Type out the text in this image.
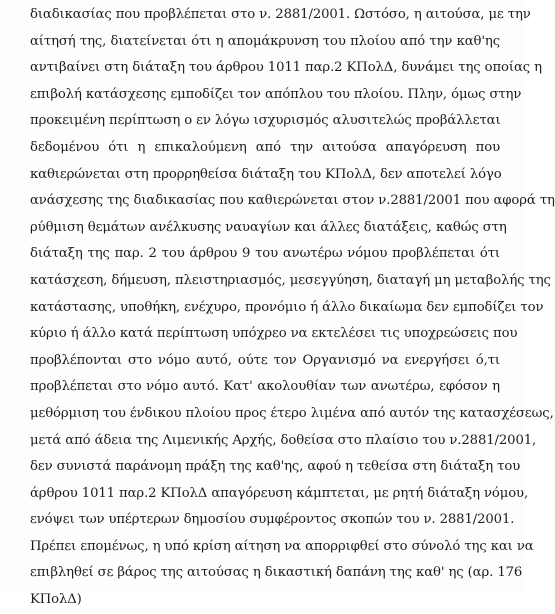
διαδικασίας που προβλέπεται στο ν. 2881/2001. Ωστόσο, η αιτούσα, με την
αίτησή της, διατείνεται ότι η απομάκρυνση του πλοίου από την καθ'ης
αντιβαίνει στη διάταξη του άρθρου 1011 παρ.2 ΚΠολΔ, δυνάμει της οποίας η
επιβολή κατάσχεσης εμποδίζει τον απόπλου του πλοίου. Πλην, όμως στην
προκειμένη περίπτωση ο εν λόγω ισχυρισμός αλυσιτελώς προβάλλεται
δεδομένου ότι η επικαλούμενη από την αιτούσα απαγόρευση που
καθιερώνεται στη προρρηθείσα διάταξη του ΚΠολΔ, δεν αποτελεί λόγο
ανάσχεσης της διαδικασίας που καθιερώνεται στον ν.2881/2001 που αφορά τη
ρύθμιση θεμάτων ανέλκυσης ναυαγίων και άλλες διατάξεις, καθώς στη
διάταξη της παρ. 2 του άρθρου 9 του ανωτέρω νόμου προβλέπεται ότι
κατάσχεση, δήμευση, πλειστηριασμός, μεσεγγύηση, διαταγή μη μεταβολής της
κατάστασης, υποθήκη, ενέχυρο, προνόμιο ή άλλο δικαίωμα δεν εμποδίζει τον
κύριο ή άλλο κατά περίπτωση υπόχρεο να εκτελέσει τις υποχρεώσεις που
προβλέπονται στο νόμο αυτό, ούτε τον Οργανισμό να ενεργήσει ό,τι
προβλέπεται στο νόμο αυτό. Κατ' ακολουθίαν των ανωτέρω, εφόσον η
μεθόρμιση του ένδικου πλοίου προς έτερο λιμένα από αυτόν της κατασχέσεως,
μετά από άδεια της Λιμενικής Αρχής, δοθείσα στο πλαίσιο του ν.2881/2001,
δεν συνιστά παράνομη πράξη της καθ'ης, αφού η τεθείσα στη διάταξη του
άρθρου 1011 παρ.2 ΚΠολΔ απαγόρευση κάμπτεται, με ρητή διάταξη νόμου,
ενόψει των υπέρτερων δημοσίου συμφέροντος σκοπών του ν. 2881/2001.
Πρέπει επομένως, η υπό κρίση αίτηση να απορριφθεί στο σύνολό της και να
επιβληθεί σε βάρος της αιτούσας η δικαστική δαπάνη της καθ' ης (αρ. 176
ΚΠολΔ)
